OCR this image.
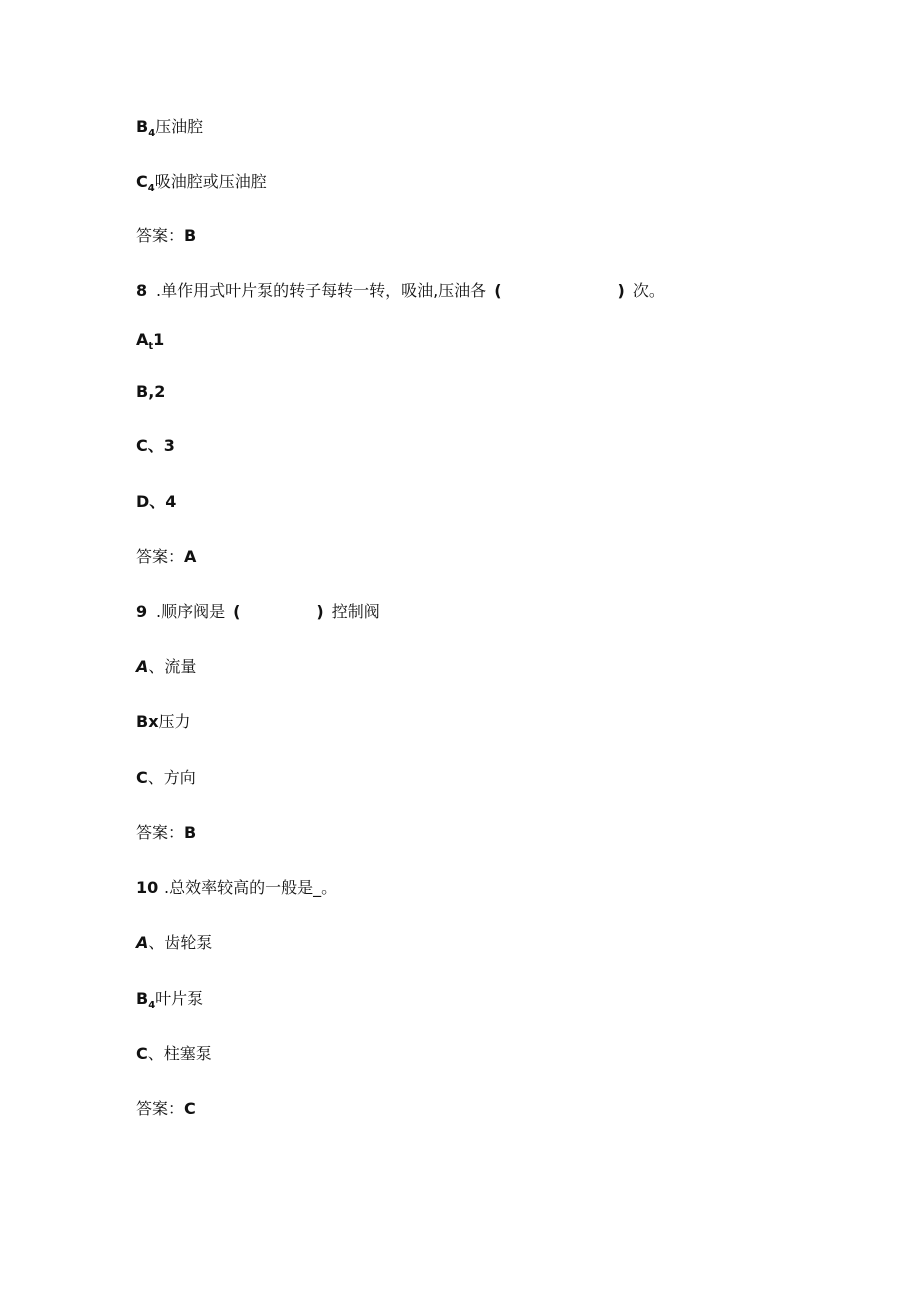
$B_4$压油腔
$C_4$吸油腔或压油腔
答案：B
8 .单作用式叶片泵的转子每转一转，吸油,压油各 (	) 次。
$A_t1$
B,2
C、3
D、4
答案：A
9 .顺序阀是 (	) 控制阀
A、流量
Bx压力
C、方向
答案：B
10 .总效率较高的一般是_。
A、齿轮泵
$B_4$叶片泵
C、柱塞泵
答案：C
